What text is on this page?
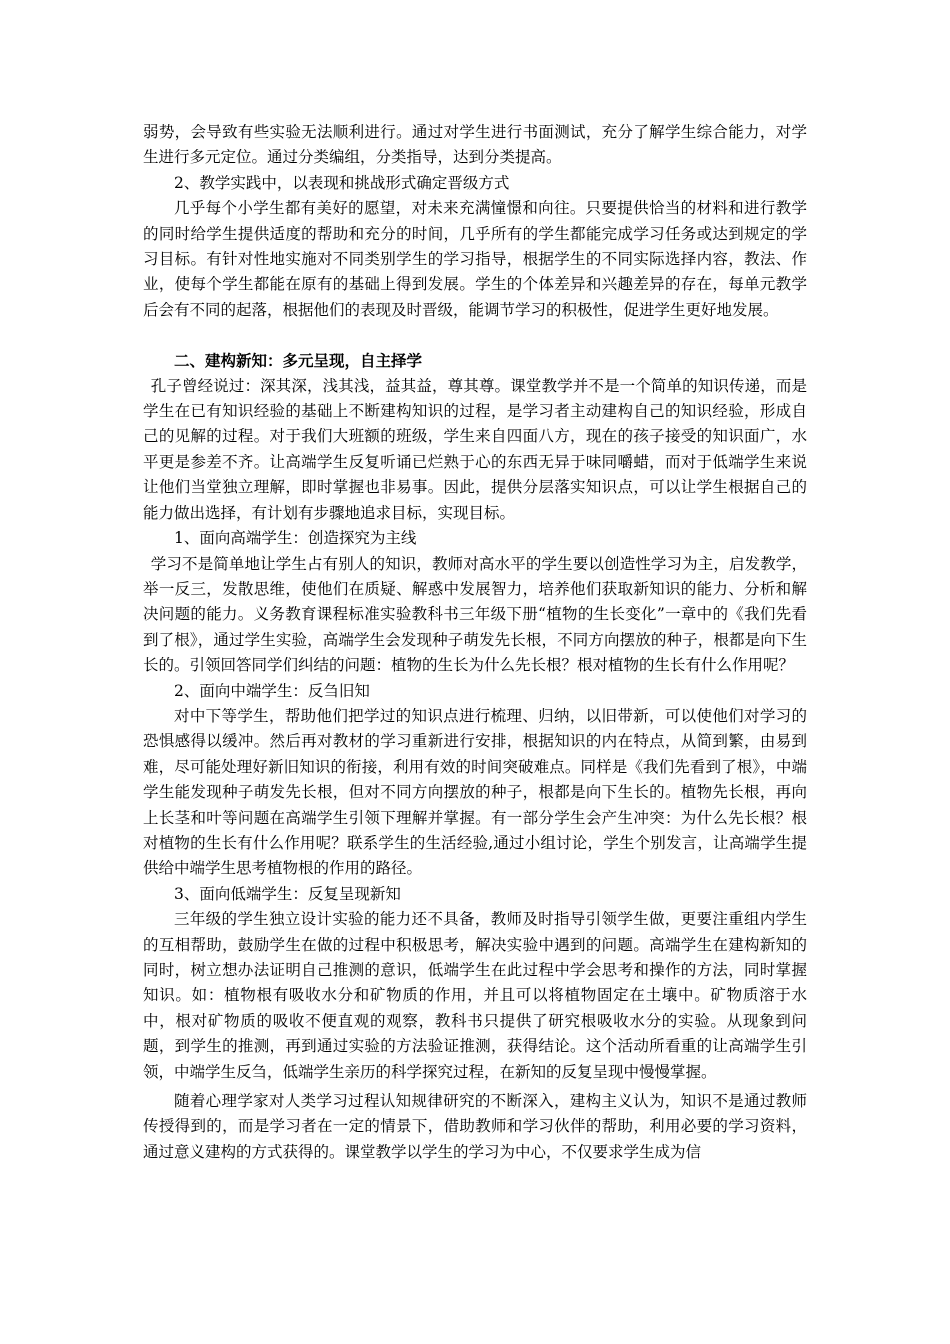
弱势，会导致有些实验无法顺利进行。通过对学生进行书面测试，充分了解学生综合能力，对学生进行多元定位。通过分类编组，分类指导，达到分类提高。

2、教学实践中，以表现和挑战形式确定晋级方式

几乎每个小学生都有美好的愿望，对未来充满憧憬和向往。只要提供恰当的材料和进行教学的同时给学生提供适度的帮助和充分的时间，几乎所有的学生都能完成学习任务或达到规定的学习目标。有针对性地实施对不同类别学生的学习指导，根据学生的不同实际选择内容，教法、作业，使每个学生都能在原有的基础上得到发展。学生的个体差异和兴趣差异的存在，每单元教学后会有不同的起落，根据他们的表现及时晋级，能调节学习的积极性，促进学生更好地发展。

二、建构新知：多元呈现，自主择学

孔子曾经说过：深其深，浅其浅，益其益，尊其尊。课堂教学并不是一个简单的知识传递，而是学生在已有知识经验的基础上不断建构知识的过程，是学习者主动建构自己的知识经验，形成自己的见解的过程。对于我们大班额的班级，学生来自四面八方，现在的孩子接受的知识面广，水平更是参差不齐。让高端学生反复听诵已烂熟于心的东西无异于味同嚼蜡，而对于低端学生来说让他们当堂独立理解，即时掌握也非易事。因此，提供分层落实知识点，可以让学生根据自己的能力做出选择，有计划有步骤地追求目标，实现目标。

1、面向高端学生：创造探究为主线

学习不是简单地让学生占有别人的知识，教师对高水平的学生要以创造性学习为主，启发教学，举一反三，发散思维，使他们在质疑、解惑中发展智力，培养他们获取新知识的能力、分析和解决问题的能力。义务教育课程标准实验教科书三年级下册“植物的生长变化”一章中的《我们先看到了根》，通过学生实验，高端学生会发现种子萌发先长根，不同方向摆放的种子，根都是向下生长的。引领回答同学们纠结的问题：植物的生长为什么先长根？根对植物的生长有什么作用呢？

2、面向中端学生：反刍旧知

对中下等学生，帮助他们把学过的知识点进行梳理、归纳，以旧带新，可以使他们对学习的恐惧感得以缓冲。然后再对教材的学习重新进行安排，根据知识的内在特点，从简到繁，由易到难，尽可能处理好新旧知识的衔接，利用有效的时间突破难点。同样是《我们先看到了根》，中端学生能发现种子萌发先长根，但对不同方向摆放的种子，根都是向下生长的。植物先长根，再向上长茎和叶等问题在高端学生引领下理解并掌握。有一部分学生会产生冲突：为什么先长根？根对植物的生长有什么作用呢？联系学生的生活经验,通过小组讨论，学生个别发言，让高端学生提供给中端学生思考植物根的作用的路径。

3、面向低端学生：反复呈现新知

三年级的学生独立设计实验的能力还不具备，教师及时指导引领学生做，更要注重组内学生的互相帮助，鼓励学生在做的过程中积极思考，解决实验中遇到的问题。高端学生在建构新知的同时，树立想办法证明自己推测的意识，低端学生在此过程中学会思考和操作的方法，同时掌握知识。如：植物根有吸收水分和矿物质的作用，并且可以将植物固定在土壤中。矿物质溶于水中，根对矿物质的吸收不便直观的观察，教科书只提供了研究根吸收水分的实验。从现象到问题，到学生的推测，再到通过实验的方法验证推测，获得结论。这个活动所看重的让高端学生引领，中端学生反刍，低端学生亲历的科学探究过程，在新知的反复呈现中慢慢掌握。

随着心理学家对人类学习过程认知规律研究的不断深入，建构主义认为，知识不是通过教师传授得到的，而是学习者在一定的情景下，借助教师和学习伙伴的帮助，利用必要的学习资料，通过意义建构的方式获得的。课堂教学以学生的学习为中心，不仅要求学生成为信
